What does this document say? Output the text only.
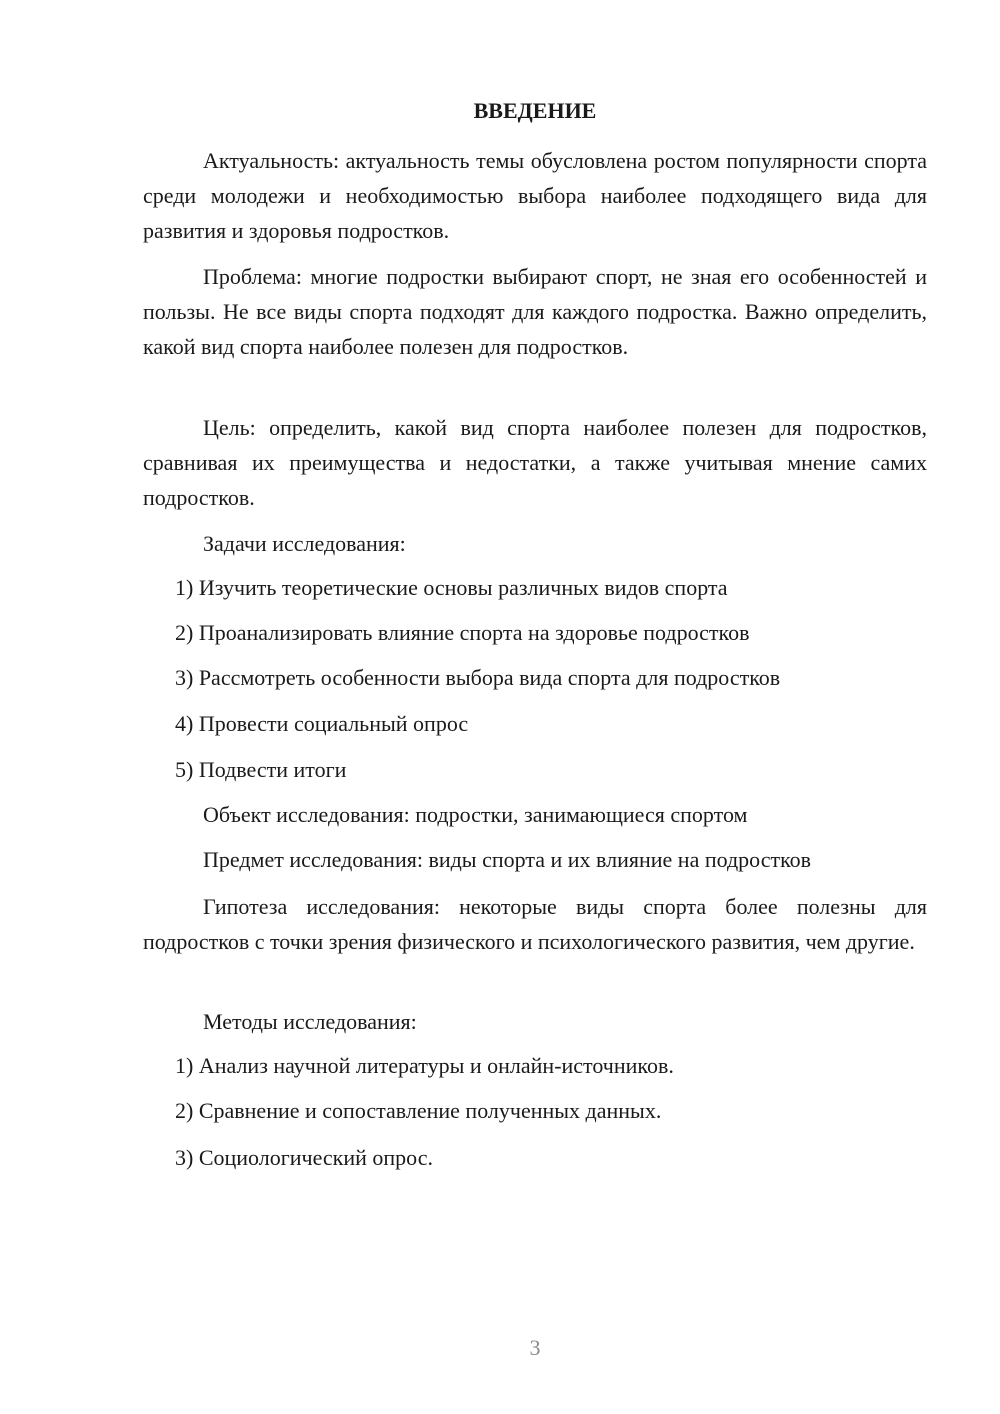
ВВЕДЕНИЕ

Актуальность: актуальность темы обусловлена ростом популярности спорта среди молодежи и необходимостью выбора наиболее подходящего вида для развития и здоровья подростков.

Проблема: многие подростки выбирают спорт, не зная его особенностей и пользы. Не все виды спорта подходят для каждого подростка. Важно определить, какой вид спорта наиболее полезен для подростков.

Цель: определить, какой вид спорта наиболее полезен для подростков, сравнивая их преимущества и недостатки, а также учитывая мнение самих подростков.

Задачи исследования:

1) Изучить теоретические основы различных видов спорта

2) Проанализировать влияние спорта на здоровье подростков

3) Рассмотреть особенности выбора вида спорта для подростков

4) Провести социальный опрос

5) Подвести итоги

Объект исследования: подростки, занимающиеся спортом

Предмет исследования: виды спорта и их влияние на подростков

Гипотеза исследования: некоторые виды спорта более полезны для подростков с точки зрения физического и психологического развития, чем другие.

Методы исследования:

1) Анализ научной литературы и онлайн-источников.

2) Сравнение и сопоставление полученных данных.

3) Социологический опрос.

3
